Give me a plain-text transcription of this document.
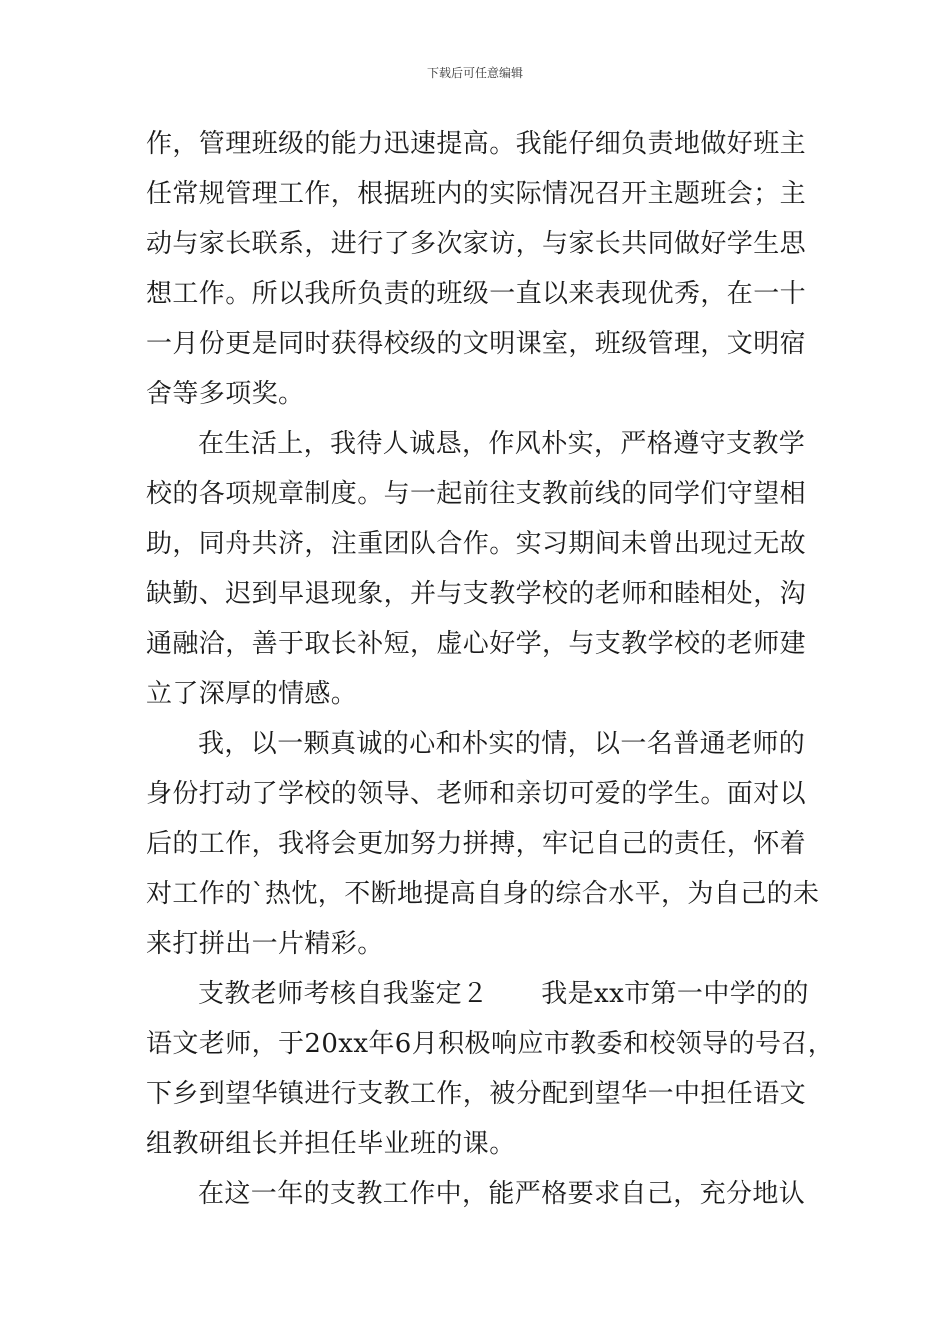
下载后可任意编辑
作，管理班级的能力迅速提高。我能仔细负责地做好班主
任常规管理工作，根据班内的实际情况召开主题班会；主
动与家长联系，进行了多次家访，与家长共同做好学生思
想工作。所以我所负责的班级一直以来表现优秀，在一十
一月份更是同时获得校级的文明课室，班级管理，文明宿
舍等多项奖。
在生活上，我待人诚恳，作风朴实，严格遵守支教学
校的各项规章制度。与一起前往支教前线的同学们守望相
助，同舟共济，注重团队合作。实习期间未曾出现过无故
缺勤、迟到早退现象，并与支教学校的老师和睦相处，沟
通融洽，善于取长补短，虚心好学，与支教学校的老师建
立了深厚的情感。
我，以一颗真诚的心和朴实的情，以一名普通老师的
身份打动了学校的领导、老师和亲切可爱的学生。面对以
后的工作，我将会更加努力拼搏，牢记自己的责任，怀着
对工作的`热忱，不断地提高自身的综合水平，为自己的未
来打拼出一片精彩。
支教老师考核自我鉴定２　　我是xx市第一中学的的
语文老师，于20xx年6月积极响应市教委和校领导的号召，
下乡到望华镇进行支教工作，被分配到望华一中担任语文
组教研组长并担任毕业班的课。
在这一年的支教工作中，能严格要求自己，充分地认
